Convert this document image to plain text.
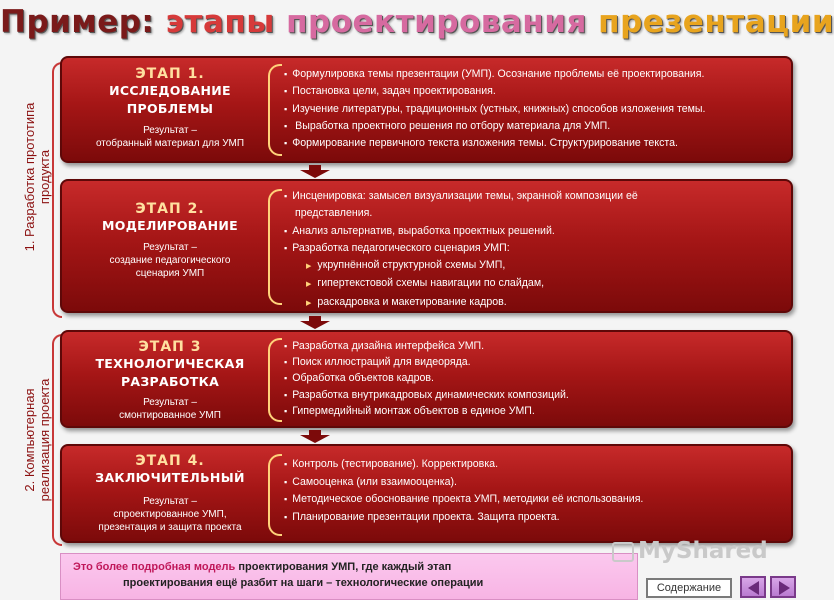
Пример: этапы проектирования презентации
1. Разработка прототипа продукта
2. Компьютерная реализация проекта
ЭТАП 1.
ИССЛЕДОВАНИЕ
ПРОБЛЕМЫ
Результат –
отобранный материал для УМП
▪ Формулировка темы презентации (УМП). Осознание проблемы её проектирования.
▪ Постановка цели, задач проектирования.
▪ Изучение литературы, традиционных (устных, книжных) способов изложения темы.
▪ Выработка проектного решения по отбору материала для УМП.
▪ Формирование первичного текста изложения темы. Структурирование текста.
ЭТАП 2.
МОДЕЛИРОВАНИЕ
Результат –
создание педагогического
сценария УМП
▪ Инсценировка: замысел визуализации темы, экранной композиции её
представления.
▪ Анализ альтернатив, выработка проектных решений.
▪ Разработка педагогического сценария УМП:
▶ укрупнённой структурной схемы УМП,
▶ гипертекстовой схемы навигации по слайдам,
▶ раскадровка и макетирование кадров.
ЭТАП 3
ТЕХНОЛОГИЧЕСКАЯ
РАЗРАБОТКА
Результат –
смонтированное УМП
▪ Разработка дизайна интерфейса УМП.
▪ Поиск иллюстраций для видеоряда.
▪ Обработка объектов кадров.
▪ Разработка внутрикадровых динамических композиций.
▪ Гипермедийный монтаж объектов в единое УМП.
ЭТАП 4.
ЗАКЛЮЧИТЕЛЬНЫЙ
Результат –
спроектированное УМП,
презентация и защита проекта
▪ Контроль (тестирование). Корректировка.
▪ Самооценка (или взаимооценка).
▪ Методическое обоснование проекта УМП, методики её использования.
▪ Планирование презентации проекта. Защита проекта.
Это более подробная модель проектирования УМП, где каждый этап
проектирования ещё разбит на шаги – технологические операции
MyShared
Содержание
